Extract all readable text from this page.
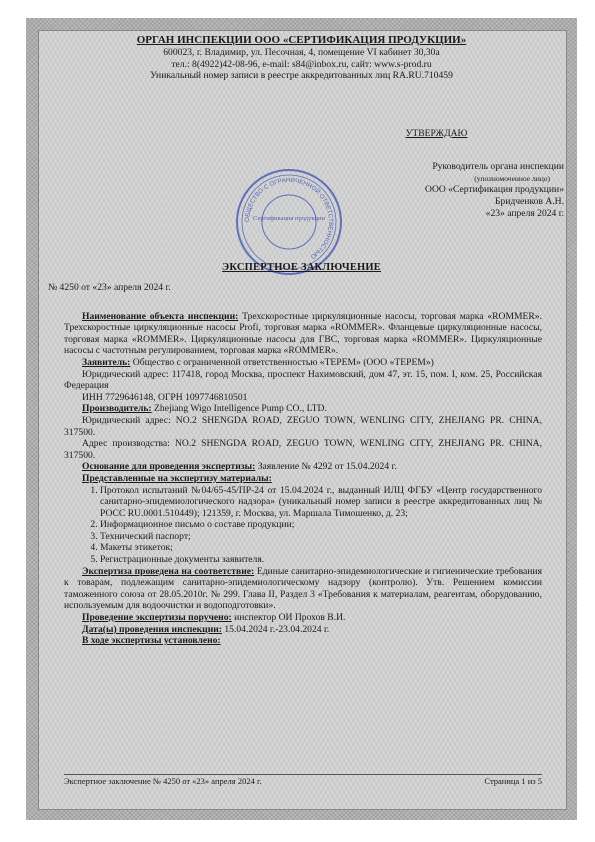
ОРГАН ИНСПЕКЦИИ ООО «СЕРТИФИКАЦИЯ ПРОДУКЦИИ»
600023, г. Владимир, ул. Песочная, 4, помещение VI кабинет 30,30а
тел.: 8(4922)42-08-96, e-mail: s84@inbox.ru, сайт: www.s-prod.ru
Уникальный номер записи в реестре аккредитованных лиц RA.RU.710459
УТВЕРЖДАЮ
Руководитель органа инспекции
(уполномоченное лицо)
ООО «Сертификация продукции»
Бридченков А.Н.
«23» апреля 2024 г.
ОБЩЕСТВО С ОГРАНИЧЕННОЙ ОТВЕТСТВЕННОСТЬЮ
Сертификация продукции
ЭКСПЕРТНОЕ ЗАКЛЮЧЕНИЕ

№ 4250 от «23» апреля 2024 г.

Наименование объекта инспекции: Трехскоростные циркуляционные насосы, торговая марка «ROMMER». Трехскоростные циркуляционные насосы Profi, торговая марка «ROMMER». Фланцевые циркуляционные насосы, торговая марка «ROMMER». Циркуляционные насосы для ГВС, торговая марка «ROMMER». Циркуляционные насосы с частотным регулированием, торговая марка «ROMMER».

Заявитель: Общество с ограниченной ответственностью «ТЕРЕМ» (ООО «ТЕРЕМ»)

Юридический адрес: 117418, город Москва, проспект Нахимовский, дом 47, эт. 15, пом. I, ком. 25, Российская Федерация

ИНН 7729646148, ОГРН 1097746810501

Производитель: Zhejiang Wigo Intelligence Pump CO., LTD.

Юридический адрес: NO.2 SHENGDA ROAD, ZEGUO TOWN, WENLING CITY, ZHEJIANG PR. CHINA, 317500.

Адрес производства: NO.2 SHENGDA ROAD, ZEGUO TOWN, WENLING CITY, ZHEJIANG PR. CHINA, 317500.

Основание для проведения экспертизы: Заявление № 4292 от 15.04.2024 г.

Представленные на экспертизу материалы:

1. Протокол испытаний №04/65-45/ПР-24 от 15.04.2024 г., выданный ИЛЦ ФГБУ «Центр государственного санитарно-эпидемиологического надзора» (уникальный номер записи в реестре аккредитованных лиц № РОСС RU.0001.510449); 121359, г. Москва, ул. Маршала Тимошенко, д. 23;
2. Информационное письмо о составе продукции;
3. Технический паспорт;
4. Макеты этикеток;
5. Регистрационные документы заявителя.

Экспертиза проведена на соответствие: Единые санитарно-эпидемиологические и гигиенические требования к товарам, подлежащим санитарно-эпидемиологическому надзору (контролю). Утв. Решением комиссии таможенного союза от 28.05.2010г. № 299. Глава II, Раздел 3 «Требования к материалам, реагентам, оборудованию, используемым для водоочистки и водоподготовки».

Проведение экспертизы поручено: инспектор ОИ Прохов В.И.

Дата(ы) проведения инспекции: 15.04.2024 г.-23.04.2024 г.

В ходе экспертизы установлено:

Экспертное заключение № 4250 от «23» апреля 2024 г.	Страница 1 из 5
